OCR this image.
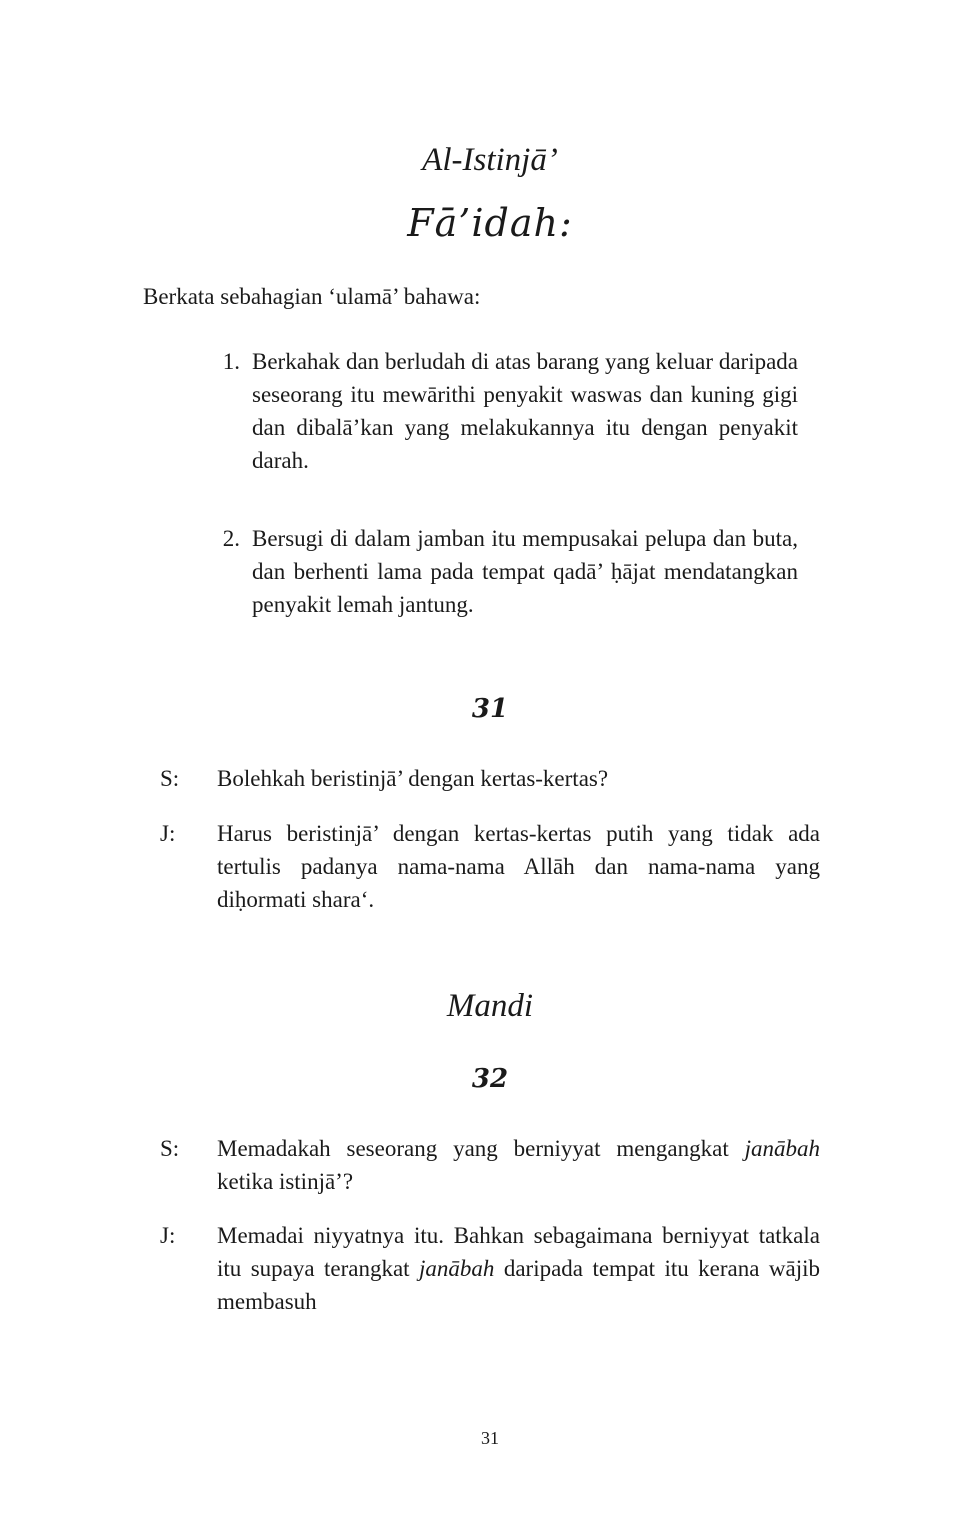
Al-Istinjā’
Fā’idah:
Berkata sebahagian ‘ulamā’ bahawa:
1. Berkahak dan berludah di atas barang yang keluar daripada seseorang itu mewārithi penyakit waswas dan kuning gigi dan dibalā’kan yang melakukannya itu dengan penyakit darah.
2. Bersugi di dalam jamban itu mempusakai pelupa dan buta, dan berhenti lama pada tempat qadā’ ḥājat mendatangkan penyakit lemah jantung.
31
S:	Bolehkah beristinjā’ dengan kertas-kertas?
J:	Harus beristinjā’ dengan kertas-kertas putih yang tidak ada tertulis padanya nama-nama Allāh dan nama-nama yang diḥormati shara‘.
Mandi
32
S:	Memadakah seseorang yang berniyyat mengangkat janābah ketika istinjā’?
J:	Memadai niyyatnya itu. Bahkan sebagaimana berniyyat tatkala itu supaya terangkat janābah daripada tempat itu kerana wājib membasuh
31
